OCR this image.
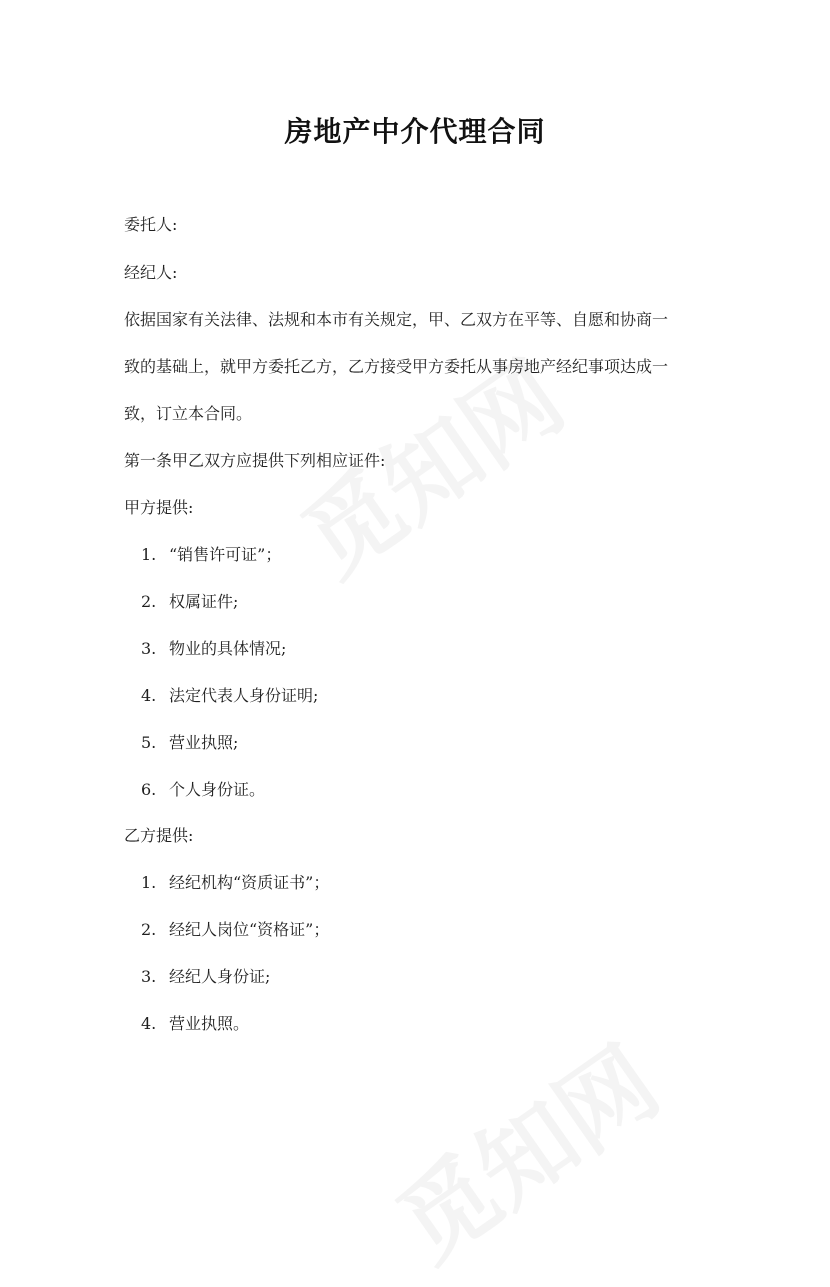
房地产中介代理合同
委托人:
经纪人:
依据国家有关法律、法规和本市有关规定，甲、乙双方在平等、自愿和协商一
致的基础上，就甲方委托乙方，乙方接受甲方委托从事房地产经纪事项达成一
致，订立本合同。
第一条甲乙双方应提供下列相应证件:
甲方提供:
1. “销售许可证”；
2. 权属证件;
3. 物业的具体情况;
4. 法定代表人身份证明;
5. 营业执照;
6. 个人身份证。
乙方提供:
1. 经纪机构“资质证书”；
2. 经纪人岗位“资格证”；
3. 经纪人身份证;
4. 营业执照。
